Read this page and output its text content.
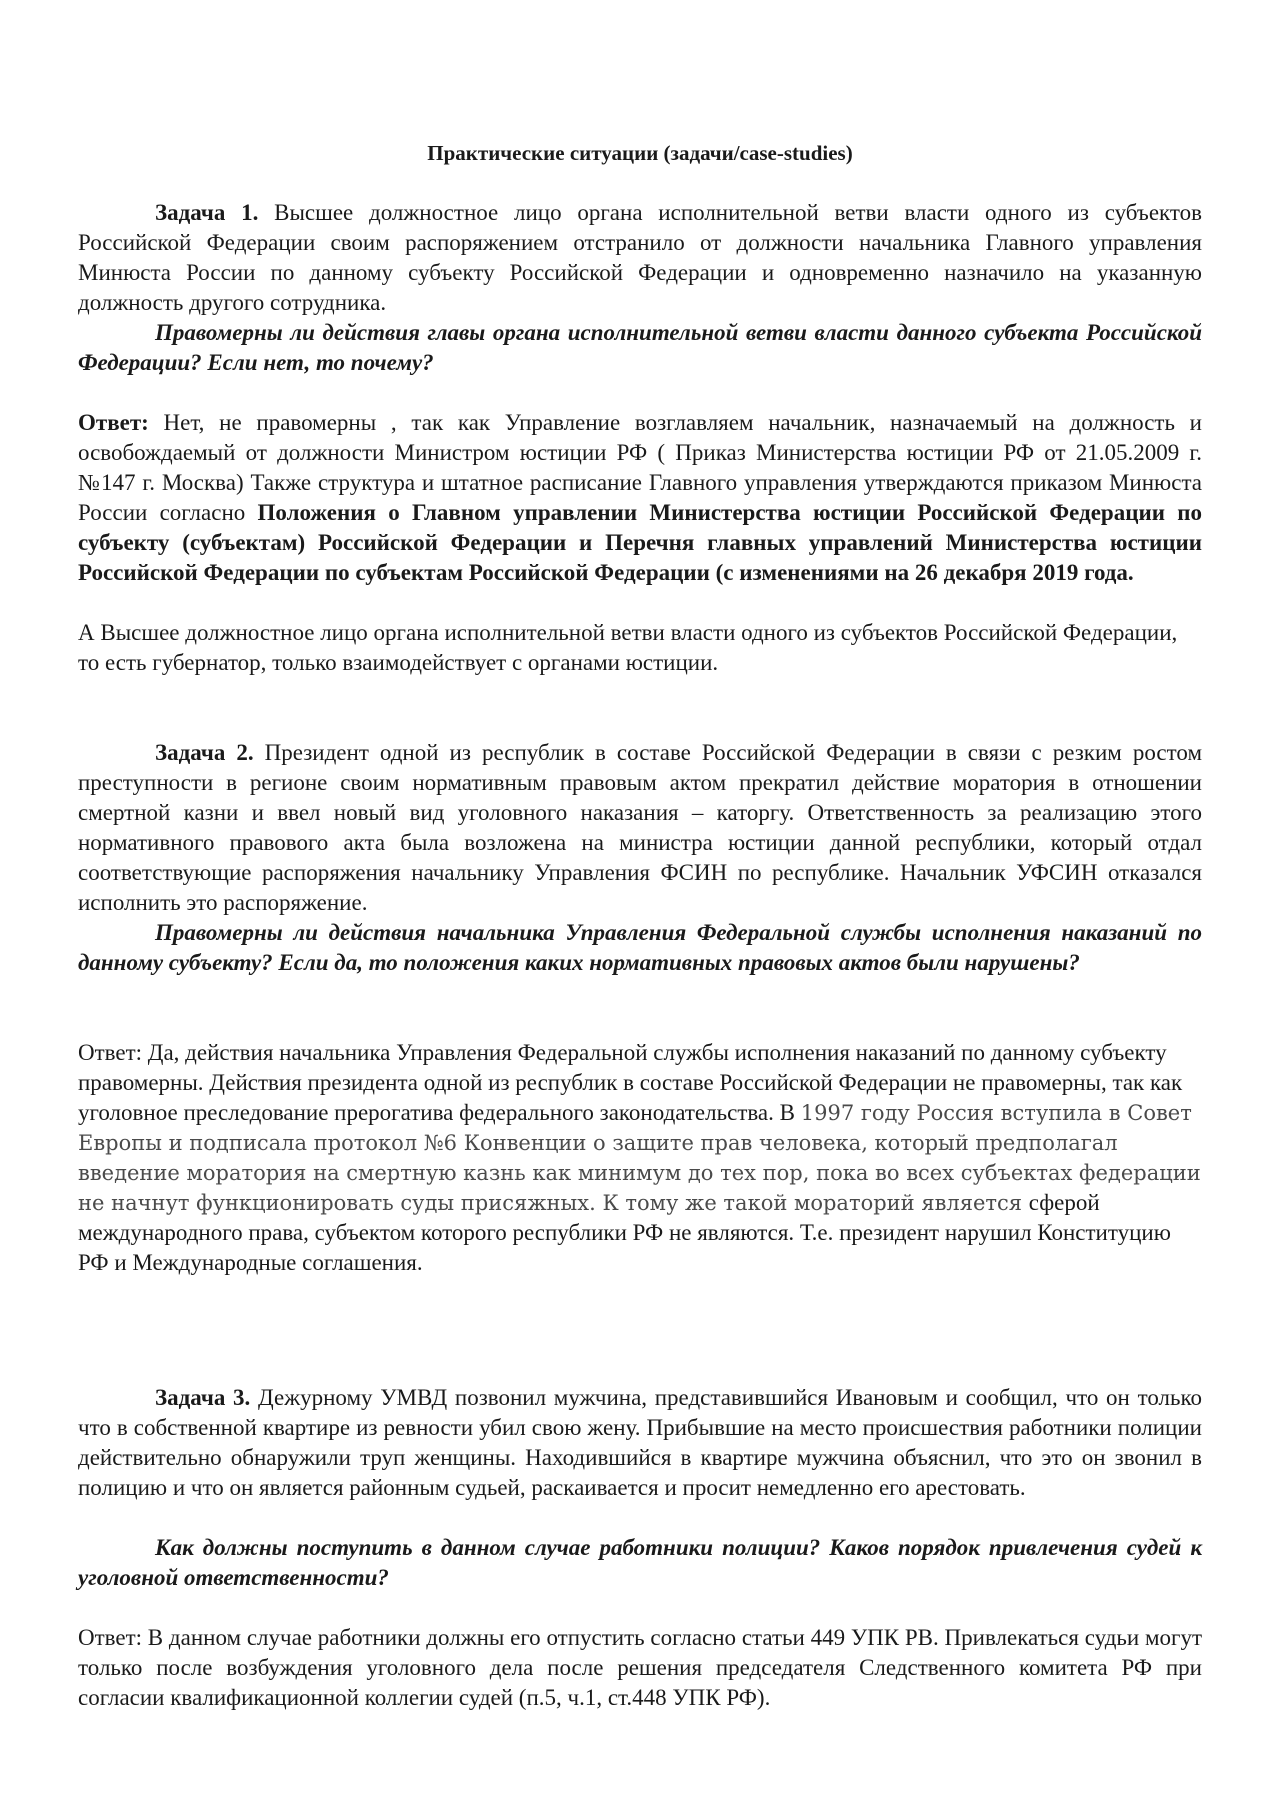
Практические ситуации (задачи/case-studies)

Задача 1. Высшее должностное лицо органа исполнительной ветви власти одного из субъектов Российской Федерации своим распоряжением отстранило от должности начальника Главного управления Минюста России по данному субъекту Российской Федерации и одновременно назначило на указанную должность другого сотрудника.

Правомерны ли действия главы органа исполнительной ветви власти данного субъекта Российской Федерации? Если нет, то почему?

Ответ: Нет, не правомерны , так как Управление возглавляем начальник, назначаемый на должность и освобождаемый от должности Министром юстиции РФ ( Приказ Министерства юстиции РФ от 21.05.2009 г. №147 г. Москва) Также структура и штатное расписание Главного управления утверждаются приказом Минюста России согласно Положения о Главном управлении Министерства юстиции Российской Федерации по субъекту (субъектам) Российской Федерации и Перечня главных управлений Министерства юстиции Российской Федерации по субъектам Российской Федерации (с изменениями на 26 декабря 2019 года.

А Высшее должностное лицо органа исполнительной ветви власти одного из субъектов Российской Федерации, то есть губернатор, только взаимодействует с органами юстиции.

Задача 2. Президент одной из республик в составе Российской Федерации в связи с резким ростом преступности в регионе своим нормативным правовым актом прекратил действие моратория в отношении смертной казни и ввел новый вид уголовного наказания – каторгу. Ответственность за реализацию этого нормативного правового акта была возложена на министра юстиции данной республики, который отдал соответствующие распоряжения начальнику Управления ФСИН по республике. Начальник УФСИН отказался исполнить это распоряжение.

Правомерны ли действия начальника Управления Федеральной службы исполнения наказаний по данному субъекту? Если да, то положения каких нормативных правовых актов были нарушены?

Ответ: Да, действия начальника Управления Федеральной службы исполнения наказаний по данному субъекту правомерны. Действия президента одной из республик в составе Российской Федерации не правомерны, так как уголовное преследование прерогатива федерального законодательства. В 1997 году Россия вступила в Совет Европы и подписала протокол №6 Конвенции о защите прав человека, который предполагал введение моратория на смертную казнь как минимум до тех пор, пока во всех субъектах федерации не начнут функционировать суды присяжных. К тому же такой мораторий является сферой международного права, субъектом которого республики РФ не являются. Т.е. президент нарушил Конституцию РФ и Международные соглашения.

Задача 3. Дежурному УМВД позвонил мужчина, представившийся Ивановым и сообщил, что он только что в собственной квартире из ревности убил свою жену. Прибывшие на место происшествия работники полиции действительно обнаружили труп женщины. Находившийся в квартире мужчина объяснил, что это он звонил в полицию и что он является районным судьей, раскаивается и просит немедленно его арестовать.

Как должны поступить в данном случае работники полиции? Каков порядок привлечения судей к уголовной ответственности?

Ответ: В данном случае работники должны его отпустить согласно статьи 449 УПК РВ. Привлекаться судьи могут только после возбуждения уголовного дела после решения председателя Следственного комитета РФ при согласии квалификационной коллегии судей (п.5, ч.1, ст.448 УПК РФ).
